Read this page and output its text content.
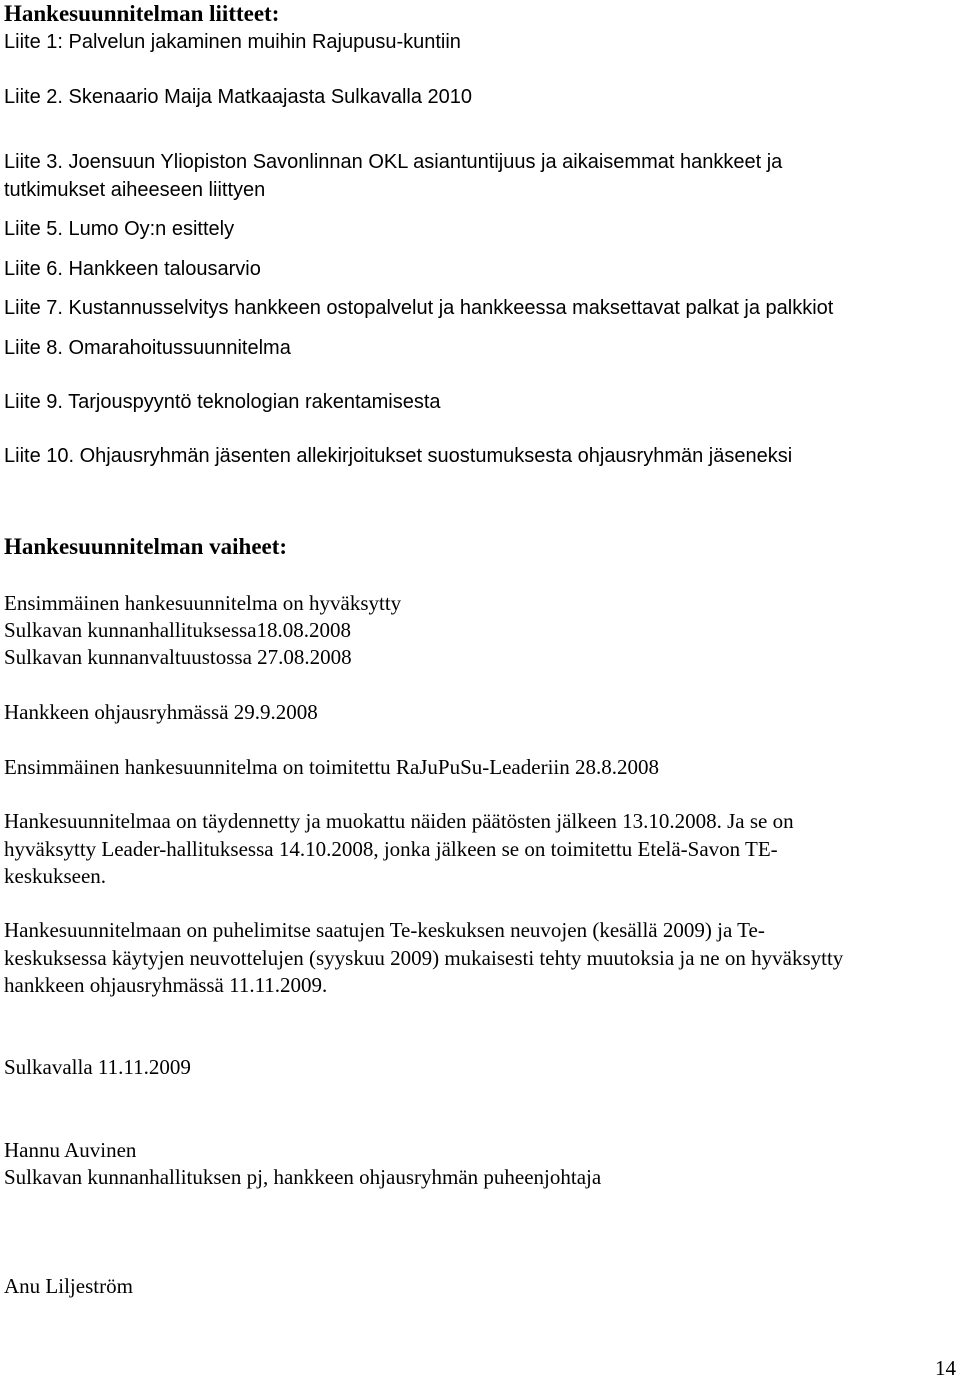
Hankesuunnitelman liitteet:
Liite 1: Palvelun jakaminen muihin Rajupusu-kuntiin
Liite 2. Skenaario Maija Matkaajasta Sulkavalla 2010
Liite 3. Joensuun Yliopiston Savonlinnan OKL asiantuntijuus ja aikaisemmat hankkeet ja
tutkimukset aiheeseen liittyen
Liite 5. Lumo Oy:n esittely
Liite 6. Hankkeen talousarvio
Liite 7. Kustannusselvitys hankkeen ostopalvelut ja hankkeessa maksettavat palkat ja palkkiot
Liite 8. Omarahoitussuunnitelma
Liite 9. Tarjouspyyntö teknologian rakentamisesta
Liite 10. Ohjausryhmän jäsenten allekirjoitukset suostumuksesta ohjausryhmän jäseneksi
Hankesuunnitelman vaiheet:
Ensimmäinen hankesuunnitelma on hyväksytty
Sulkavan kunnanhallituksessa18.08.2008
Sulkavan kunnanvaltuustossa 27.08.2008
Hankkeen ohjausryhmässä 29.9.2008
Ensimmäinen hankesuunnitelma on toimitettu RaJuPuSu-Leaderiin 28.8.2008
Hankesuunnitelmaa on täydennetty ja muokattu näiden päätösten jälkeen 13.10.2008. Ja se on
hyväksytty Leader-hallituksessa 14.10.2008, jonka jälkeen se on toimitettu Etelä-Savon TE-
keskukseen.
Hankesuunnitelmaan on puhelimitse saatujen Te-keskuksen neuvojen (kesällä 2009) ja Te-
keskuksessa käytyjen neuvottelujen (syyskuu 2009) mukaisesti tehty muutoksia ja ne on hyväksytty
hankkeen ohjausryhmässä 11.11.2009.
Sulkavalla 11.11.2009
Hannu Auvinen
Sulkavan kunnanhallituksen pj, hankkeen ohjausryhmän puheenjohtaja
Anu Liljeström
14
